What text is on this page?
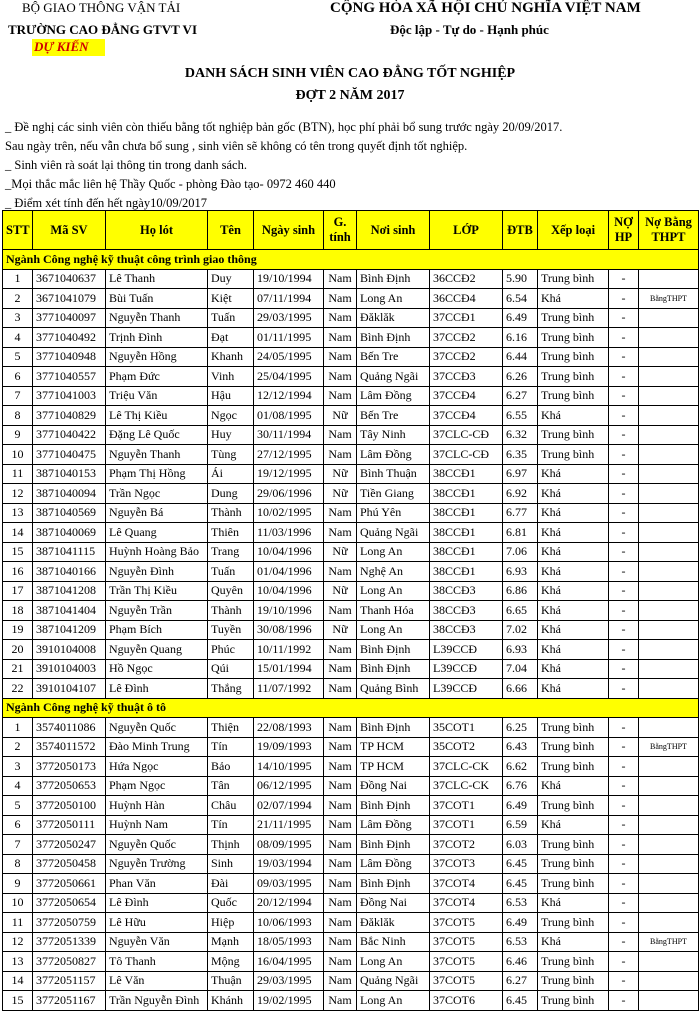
BỘ GIAO THÔNG VẬN TẢI
TRƯỜNG CAO ĐẲNG GTVT VI
DỰ KIẾN
CỘNG HÒA XÃ HỘI CHỦ NGHĨA VIỆT NAM
Độc lập - Tự do - Hạnh phúc
DANH SÁCH SINH VIÊN CAO ĐẲNG TỐT NGHIỆP
ĐỢT 2 NĂM 2017
_ Đề nghị các sinh viên còn thiếu bằng tốt nghiệp bản gốc (BTN), học phí phải bổ sung trước ngày 20/09/2017.
Sau ngày trên, nếu vẫn chưa bổ sung , sinh viên sẽ không có tên trong quyết định tốt nghiệp.
_ Sinh viên rà soát lại thông tin trong danh sách.
_Mọi thắc mắc liên hệ Thầy Quốc - phòng Đào tạo- 0972 460 440
_ Điểm xét tính đến hết ngày10/09/2017
STT	Mã SV	Họ lót	Tên	Ngày sinh	G. tính	Nơi sinh	LỚP	ĐTB	Xếp loại	NỢ HP	Nợ Bằng THPT
Ngành Công nghệ kỹ thuật công trình giao thông											
1	3671040637	Lê Thanh	Duy	19/10/1994	Nam	Bình Định	36CCĐ2	5.90	Trung bình	-	
2	3671041079	Bùi Tuấn	Kiệt	07/11/1994	Nam	Long An	36CCĐ4	6.54	Khá	-	BằngTHPT
3	3771040097	Nguyễn Thanh	Tuấn	29/03/1995	Nam	Đăklăk	37CCĐ1	6.49	Trung bình	-	
4	3771040492	Trịnh Đình	Đạt	01/11/1995	Nam	Bình Định	37CCĐ2	6.16	Trung bình	-	
5	3771040948	Nguyễn Hồng	Khanh	24/05/1995	Nam	Bến Tre	37CCĐ2	6.44	Trung bình	-	
6	3771040557	Phạm Đức	Vinh	25/04/1995	Nam	Quảng Ngãi	37CCĐ3	6.26	Trung bình	-	
7	3771041003	Triệu Văn	Hậu	12/12/1994	Nam	Lâm Đồng	37CCĐ4	6.27	Trung bình	-	
8	3771040829	Lê Thị Kiều	Ngọc	01/08/1995	Nữ	Bến Tre	37CCĐ4	6.55	Khá	-	
9	3771040422	Đặng Lê Quốc	Huy	30/11/1994	Nam	Tây Ninh	37CLC-CĐ	6.32	Trung bình	-	
10	3771040475	Nguyễn Thanh	Tùng	27/12/1995	Nam	Lâm Đồng	37CLC-CĐ	6.35	Trung bình	-	
11	3871040153	Phạm Thị Hồng	Ái	19/12/1995	Nữ	Bình Thuận	38CCĐ1	6.97	Khá	-	
12	3871040094	Trần Ngọc	Dung	29/06/1996	Nữ	Tiền Giang	38CCĐ1	6.92	Khá	-	
13	3871040569	Nguyễn Bá	Thành	10/02/1995	Nam	Phú Yên	38CCĐ1	6.77	Khá	-	
14	3871040069	Lê Quang	Thiên	11/03/1996	Nam	Quảng Ngãi	38CCĐ1	6.81	Khá	-	
15	3871041115	Huỳnh Hoàng Bảo	Trang	10/04/1996	Nữ	Long An	38CCĐ1	7.06	Khá	-	
16	3871040166	Nguyễn Đình	Tuấn	01/04/1996	Nam	Nghệ An	38CCĐ1	6.93	Khá	-	
17	3871041208	Trần Thị Kiều	Quyên	10/04/1996	Nữ	Long An	38CCĐ3	6.86	Khá	-	
18	3871041404	Nguyễn Trần	Thành	19/10/1996	Nam	Thanh Hóa	38CCĐ3	6.65	Khá	-	
19	3871041209	Phạm Bích	Tuyền	30/08/1996	Nữ	Long An	38CCĐ3	7.02	Khá	-	
20	3910104008	Nguyễn Quang	Phúc	10/11/1992	Nam	Bình Định	L39CCĐ	6.93	Khá	-	
21	3910104003	Hồ Ngọc	Qúi	15/01/1994	Nam	Bình Định	L39CCĐ	7.04	Khá	-	
22	3910104107	Lê Đình	Thắng	11/07/1992	Nam	Quảng Bình	L39CCĐ	6.66	Khá	-	
Ngành Công nghệ kỹ thuật ô tô											
1	3574011086	Nguyễn Quốc	Thiện	22/08/1993	Nam	Bình Định	35COT1	6.25	Trung bình	-	
2	3574011572	Đào Minh Trung	Tín	19/09/1993	Nam	TP HCM	35COT2	6.43	Trung bình	-	BằngTHPT
3	3772050173	Hứa Ngọc	Bảo	14/10/1995	Nam	TP HCM	37CLC-CK	6.62	Trung bình	-	
4	3772050653	Phạm Ngọc	Tân	06/12/1995	Nam	Đồng Nai	37CLC-CK	6.76	Khá	-	
5	3772050100	Huỳnh Hàn	Châu	02/07/1994	Nam	Bình Định	37COT1	6.49	Trung bình	-	
6	3772050111	Huỳnh Nam	Tín	21/11/1995	Nam	Lâm Đồng	37COT1	6.59	Khá	-	
7	3772050247	Nguyễn Quốc	Thịnh	08/09/1995	Nam	Bình Định	37COT2	6.03	Trung bình	-	
8	3772050458	Nguyễn Trường	Sinh	19/03/1994	Nam	Lâm Đồng	37COT3	6.45	Trung bình	-	
9	3772050661	Phan Văn	Đài	09/03/1995	Nam	Bình Định	37COT4	6.45	Trung bình	-	
10	3772050654	Lê Đình	Quốc	20/12/1994	Nam	Đồng Nai	37COT4	6.53	Khá	-	
11	3772050759	Lê Hữu	Hiệp	10/06/1993	Nam	Đăklăk	37COT5	6.49	Trung bình	-	
12	3772051339	Nguyễn Văn	Mạnh	18/05/1993	Nam	Bắc Ninh	37COT5	6.53	Khá	-	BằngTHPT
13	3772050827	Tô Thanh	Mộng	16/04/1995	Nam	Long An	37COT5	6.46	Trung bình	-	
14	3772051157	Lê Văn	Thuận	29/03/1995	Nam	Quảng Ngãi	37COT5	6.27	Trung bình	-	
15	3772051167	Trần Nguyễn Đình	Khánh	19/02/1995	Nam	Long An	37COT6	6.45	Trung bình	-	
